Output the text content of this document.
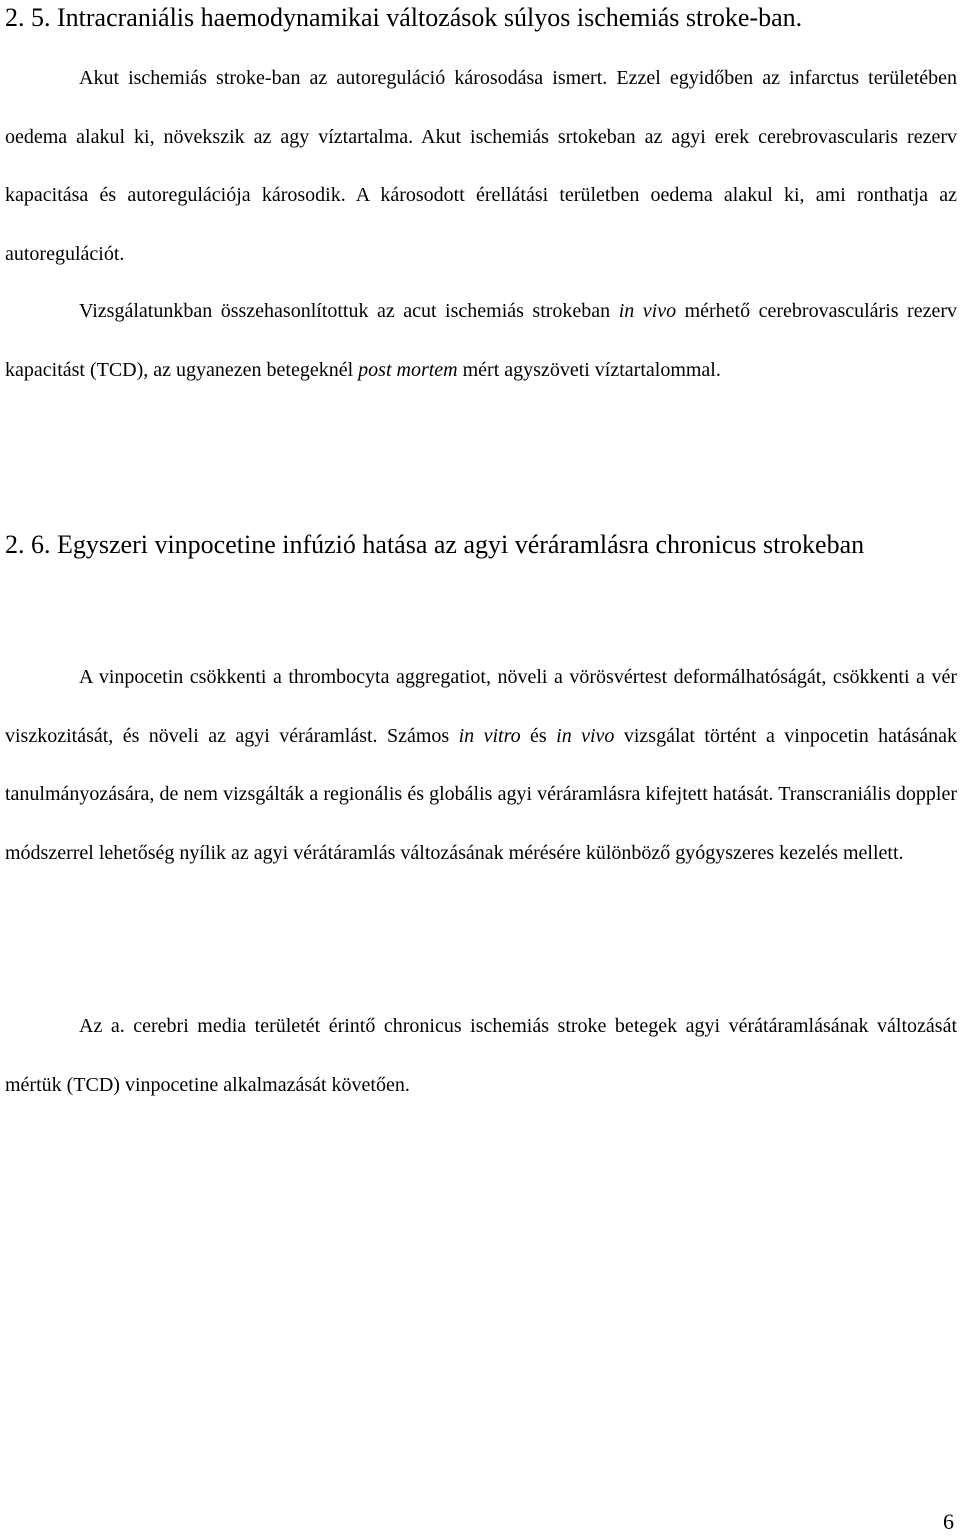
2. 5. Intracraniális haemodynamikai változások súlyos ischemiás stroke-ban.

Akut ischemiás stroke-ban az autoreguláció károsodása ismert. Ezzel egyidőben az infarctus területében oedema alakul ki, növekszik az agy víztartalma. Akut ischemiás srtokeban az agyi erek cerebrovascularis rezerv kapacitása és autoregulációja károsodik. A károsodott érellátási területben oedema alakul ki, ami ronthatja az autoregulációt.

Vizsgálatunkban összehasonlítottuk az acut ischemiás strokeban in vivo mérhető cerebrovasculáris rezerv kapacitást (TCD), az ugyanezen betegeknél post mortem mért agyszöveti víztartalommal.

2. 6. Egyszeri vinpocetine infúzió hatása az agyi véráramlásra chronicus strokeban

A vinpocetin csökkenti a thrombocyta aggregatiot, növeli a vörösvértest deformálhatóságát, csökkenti a vér viszkozitását, és növeli az agyi véráramlást. Számos in vitro és in vivo vizsgálat történt a vinpocetin hatásának tanulmányozására, de nem vizsgálták a regionális és globális agyi véráramlásra kifejtett hatását. Transcraniális doppler módszerrel lehetőség nyílik az agyi vérátáramlás változásának mérésére különböző gyógyszeres kezelés mellett.

Az a. cerebri media területét érintő chronicus ischemiás stroke betegek agyi vérátáramlásának változását mértük (TCD) vinpocetine alkalmazását követően.

6
